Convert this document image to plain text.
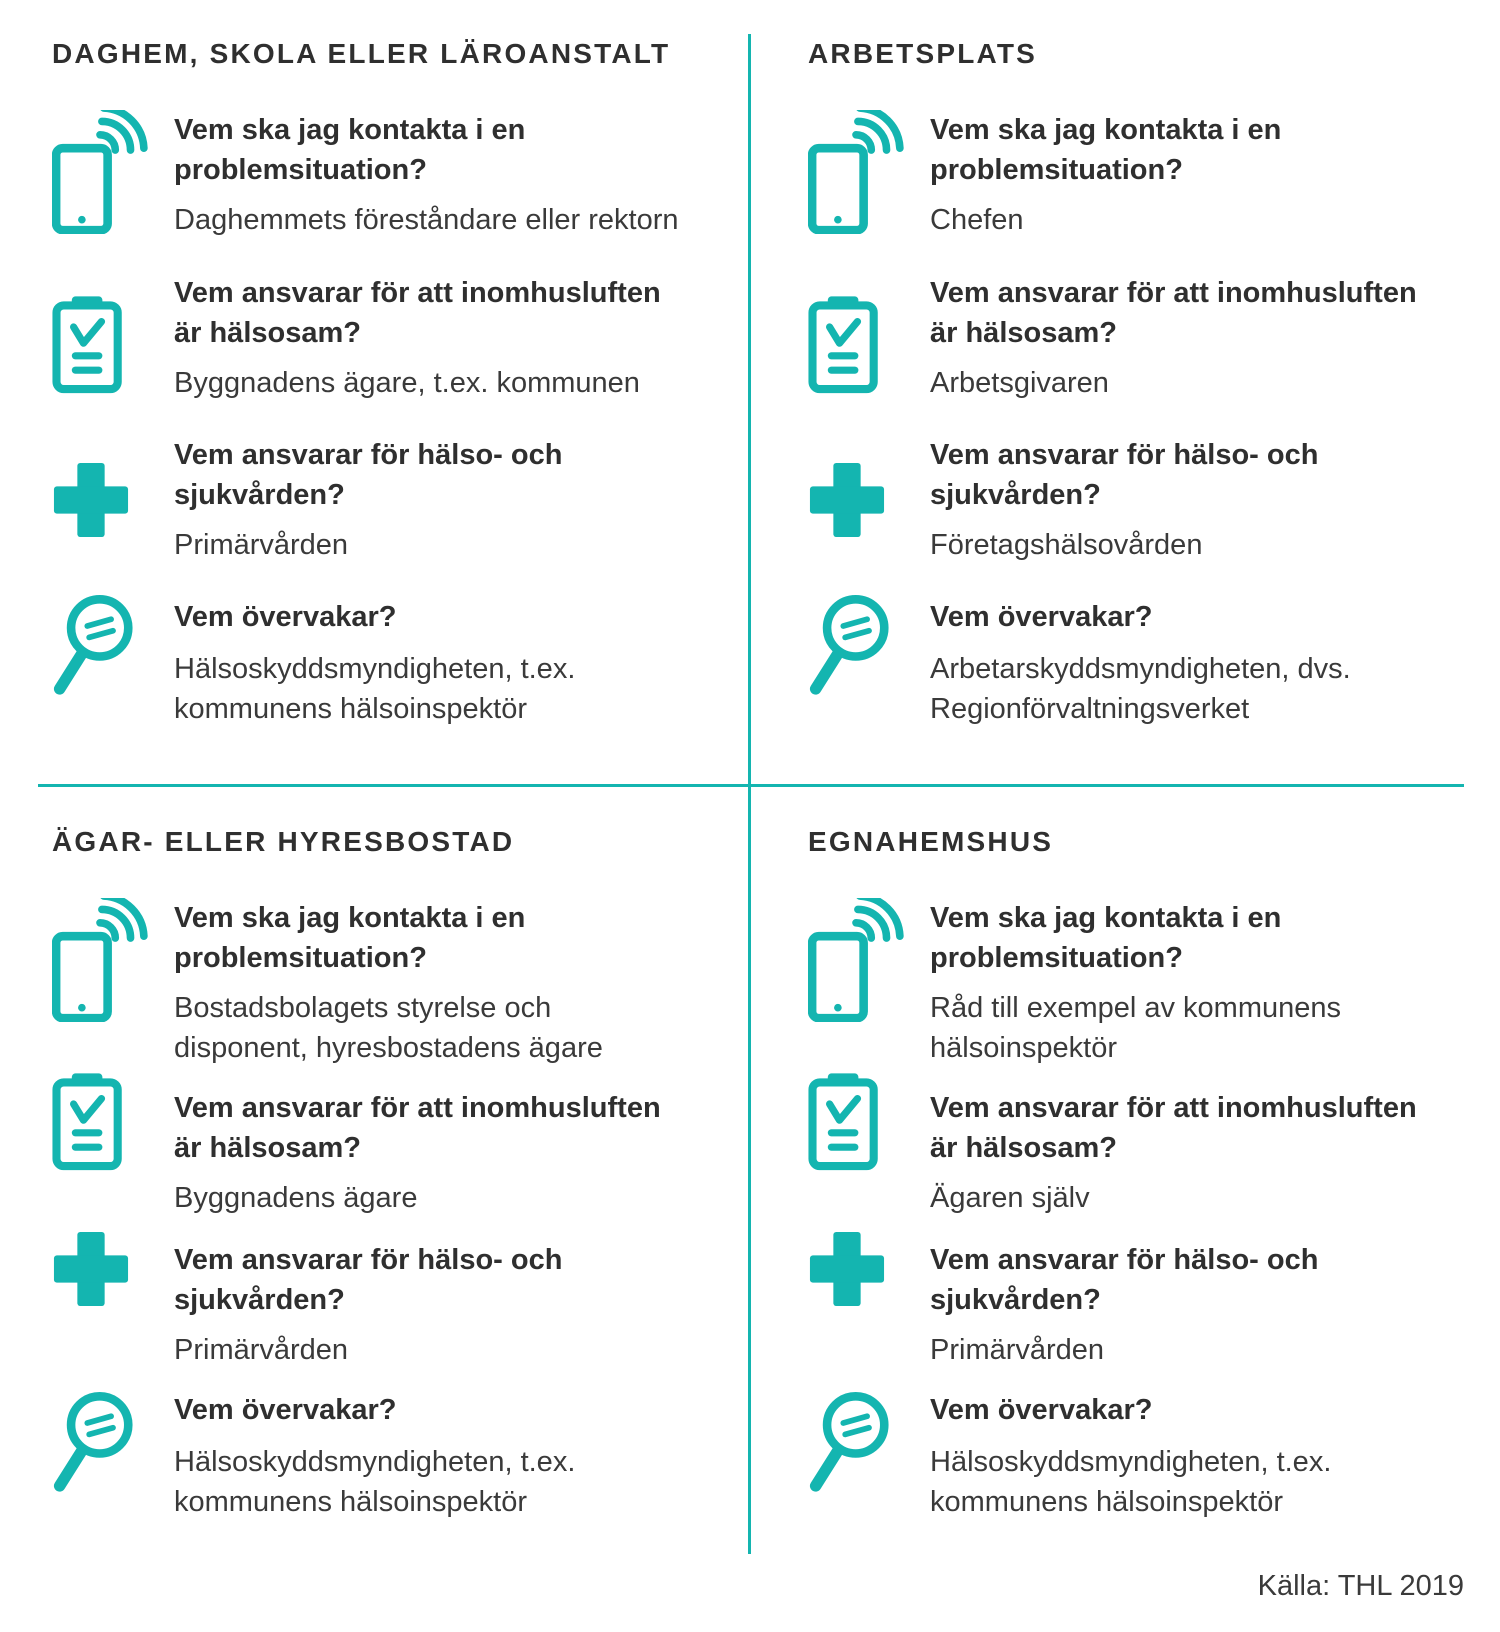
DAGHEM, SKOLA ELLER LÄROANSTALT
Vem ska jag kontakta i en
problemsituation?
Daghemmets föreståndare eller rektorn
Vem ansvarar för att inomhusluften
är hälsosam?
Byggnadens ägare, t.ex. kommunen
Vem ansvarar för hälso- och
sjukvården?
Primärvården
Vem övervakar?
Hälsoskyddsmyndigheten, t.ex.
kommunens hälsoinspektör
ARBETSPLATS
Vem ska jag kontakta i en
problemsituation?
Chefen
Vem ansvarar för att inomhusluften
är hälsosam?
Arbetsgivaren
Vem ansvarar för hälso- och
sjukvården?
Företagshälsovården
Vem övervakar?
Arbetarskyddsmyndigheten, dvs.
Regionförvaltningsverket
ÄGAR- ELLER HYRESBOSTAD
Vem ska jag kontakta i en
problemsituation?
Bostadsbolagets styrelse och
disponent, hyresbostadens ägare
Vem ansvarar för att inomhusluften
är hälsosam?
Byggnadens ägare
Vem ansvarar för hälso- och
sjukvården?
Primärvården
Vem övervakar?
Hälsoskyddsmyndigheten, t.ex.
kommunens hälsoinspektör
EGNAHEMSHUS
Vem ska jag kontakta i en
problemsituation?
Råd till exempel av kommunens
hälsoinspektör
Vem ansvarar för att inomhusluften
är hälsosam?
Ägaren själv
Vem ansvarar för hälso- och
sjukvården?
Primärvården
Vem övervakar?
Hälsoskyddsmyndigheten, t.ex.
kommunens hälsoinspektör
Källa: THL 2019
